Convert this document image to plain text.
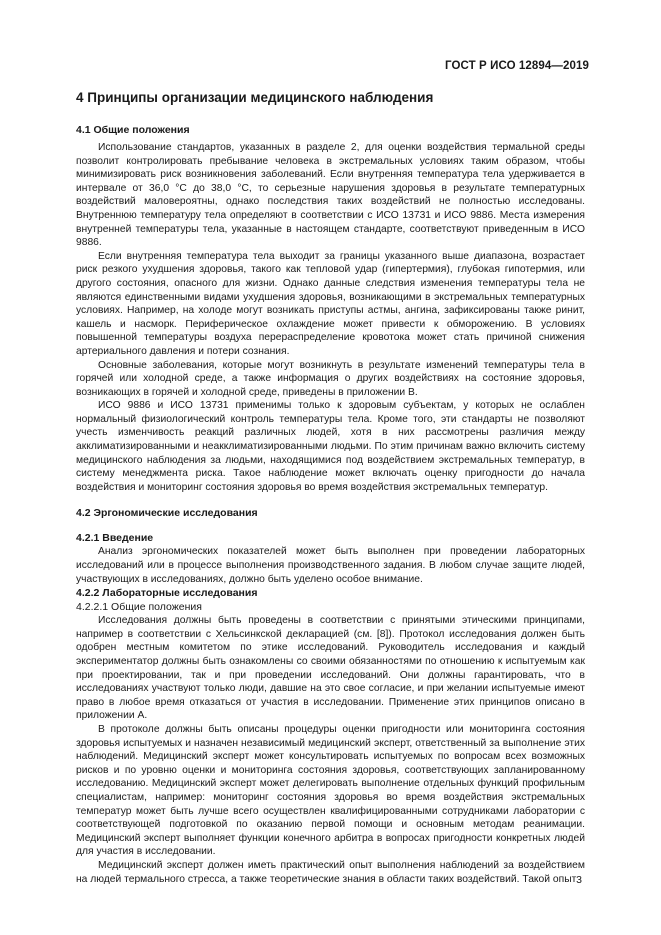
ГОСТ Р ИСО 12894—2019
4 Принципы организации медицинского наблюдения
4.1 Общие положения

Использование стандартов, указанных в разделе 2, для оценки воздействия термальной среды позволит контролировать пребывание человека в экстремальных условиях таким образом, чтобы минимизировать риск возникновения заболеваний. Если внутренняя температура тела удерживается в интервале от 36,0 °C до 38,0 °C, то серьезные нарушения здоровья в результате температурных воздействий маловероятны, однако последствия таких воздействий не полностью исследованы. Внутреннюю температуру тела определяют в соответствии с ИСО 13731 и ИСО 9886. Места измерения внутренней температуры тела, указанные в настоящем стандарте, соответствуют приведенным в ИСО 9886.

Если внутренняя температура тела выходит за границы указанного выше диапазона, возрастает риск резкого ухудшения здоровья, такого как тепловой удар (гипертермия), глубокая гипотермия, или другого состояния, опасного для жизни. Однако данные следствия изменения температуры тела не являются единственными видами ухудшения здоровья, возникающими в экстремальных температурных условиях. Например, на холоде могут возникать приступы астмы, ангина, зафиксированы также ринит, кашель и насморк. Периферическое охлаждение может привести к обморожению. В условиях повышенной температуры воздуха перераспределение кровотока может стать причиной снижения артериального давления и потери сознания.

Основные заболевания, которые могут возникнуть в результате изменений температуры тела в горячей или холодной среде, а также информация о других воздействиях на состояние здоровья, возникающих в горячей и холодной среде, приведены в приложении B.

ИСО 9886 и ИСО 13731 применимы только к здоровым субъектам, у которых не ослаблен нормальный физиологический контроль температуры тела. Кроме того, эти стандарты не позволяют учесть изменчивость реакций различных людей, хотя в них рассмотрены различия между акклиматизированными и неакклиматизированными людьми. По этим причинам важно включить систему медицинского наблюдения за людьми, находящимися под воздействием экстремальных температур, в систему менеджмента риска. Такое наблюдение может включать оценку пригодности до начала воздействия и мониторинг состояния здоровья во время воздействия экстремальных температур.

4.2 Эргономические исследования
4.2.1 Введение

Анализ эргономических показателей может быть выполнен при проведении лабораторных исследований или в процессе выполнения производственного задания. В любом случае защите людей, участвующих в исследованиях, должно быть уделено особое внимание.

4.2.2 Лабораторные исследования
4.2.2.1 Общие положения

Исследования должны быть проведены в соответствии с принятыми этическими принципами, например в соответствии с Хельсинкской декларацией (см. [8]). Протокол исследования должен быть одобрен местным комитетом по этике исследований. Руководитель исследования и каждый экспериментатор должны быть ознакомлены со своими обязанностями по отношению к испытуемым как при проектировании, так и при проведении исследований. Они должны гарантировать, что в исследованиях участвуют только люди, давшие на это свое согласие, и при желании испытуемые имеют право в любое время отказаться от участия в исследовании. Применение этих принципов описано в приложении A.

В протоколе должны быть описаны процедуры оценки пригодности или мониторинга состояния здоровья испытуемых и назначен независимый медицинский эксперт, ответственный за выполнение этих наблюдений. Медицинский эксперт может консультировать испытуемых по вопросам всех возможных рисков и по уровню оценки и мониторинга состояния здоровья, соответствующих запланированному исследованию. Медицинский эксперт может делегировать выполнение отдельных функций профильным специалистам, например: мониторинг состояния здоровья во время воздействия экстремальных температур может быть лучше всего осуществлен квалифицированными сотрудниками лаборатории с соответствующей подготовкой по оказанию первой помощи и основным методам реанимации. Медицинский эксперт выполняет функции конечного арбитра в вопросах пригодности конкретных людей для участия в исследовании.

Медицинский эксперт должен иметь практический опыт выполнения наблюдений за воздействием на людей термального стресса, а также теоретические знания в области таких воздействий. Такой опыт 3
